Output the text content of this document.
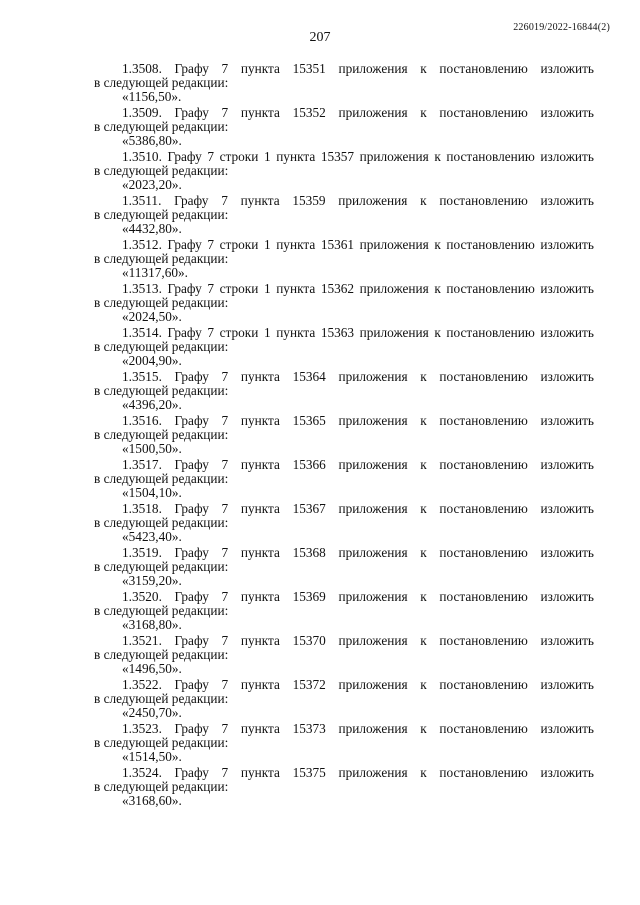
207
226019/2022-16844(2)
1.3508. Графу 7 пункта 15351 приложения к постановлению изложить
в следующей редакции:
«1156,50».
1.3509. Графу 7 пункта 15352 приложения к постановлению изложить
в следующей редакции:
«5386,80».
1.3510. Графу 7 строки 1 пункта 15357 приложения к постановлению изложить
в следующей редакции:
«2023,20».
1.3511. Графу 7 пункта 15359 приложения к постановлению изложить
в следующей редакции:
«4432,80».
1.3512. Графу 7 строки 1 пункта 15361 приложения к постановлению изложить
в следующей редакции:
«11317,60».
1.3513. Графу 7 строки 1 пункта 15362 приложения к постановлению изложить
в следующей редакции:
«2024,50».
1.3514. Графу 7 строки 1 пункта 15363 приложения к постановлению изложить
в следующей редакции:
«2004,90».
1.3515. Графу 7 пункта 15364 приложения к постановлению изложить
в следующей редакции:
«4396,20».
1.3516. Графу 7 пункта 15365 приложения к постановлению изложить
в следующей редакции:
«1500,50».
1.3517. Графу 7 пункта 15366 приложения к постановлению изложить
в следующей редакции:
«1504,10».
1.3518. Графу 7 пункта 15367 приложения к постановлению изложить
в следующей редакции:
«5423,40».
1.3519. Графу 7 пункта 15368 приложения к постановлению изложить
в следующей редакции:
«3159,20».
1.3520. Графу 7 пункта 15369 приложения к постановлению изложить
в следующей редакции:
«3168,80».
1.3521. Графу 7 пункта 15370 приложения к постановлению изложить
в следующей редакции:
«1496,50».
1.3522. Графу 7 пункта 15372 приложения к постановлению изложить
в следующей редакции:
«2450,70».
1.3523. Графу 7 пункта 15373 приложения к постановлению изложить
в следующей редакции:
«1514,50».
1.3524. Графу 7 пункта 15375 приложения к постановлению изложить
в следующей редакции:
«3168,60».
